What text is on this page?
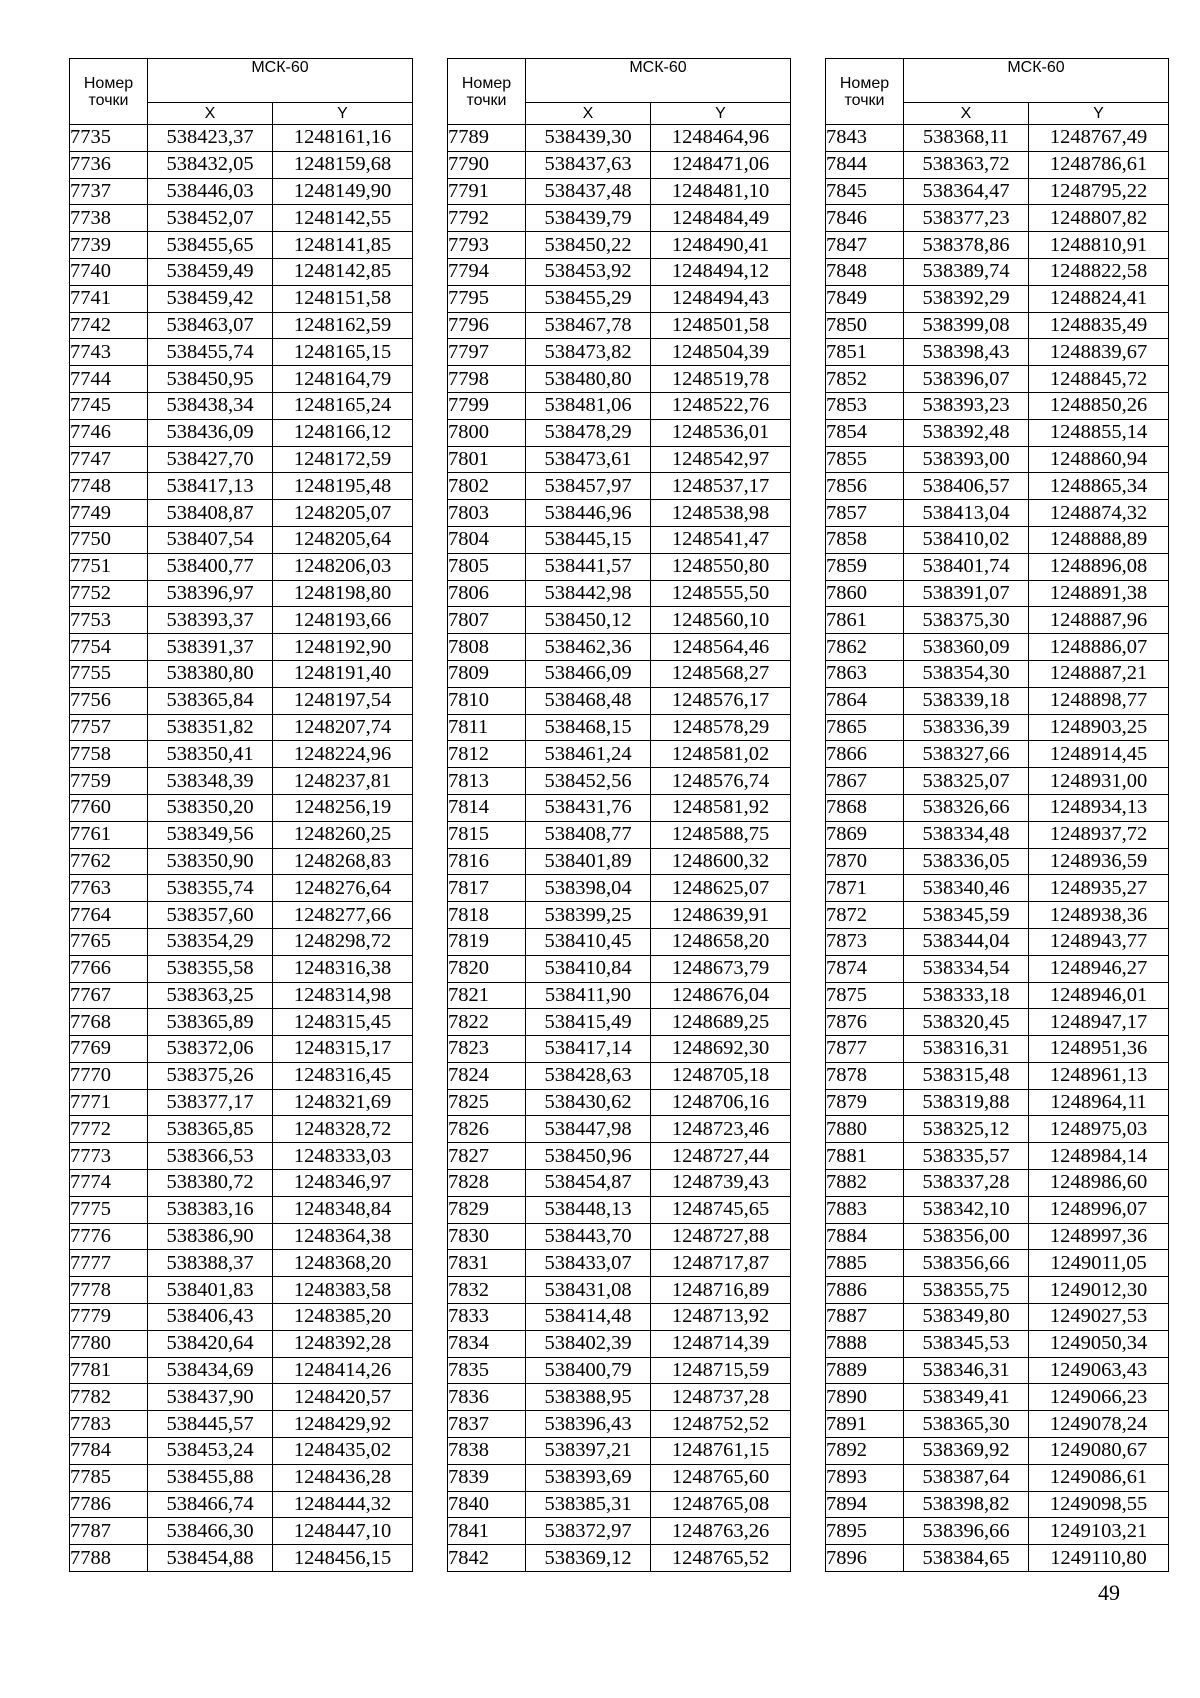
Номер точки	МСК-60	
	X	Y
7735	538423,37	1248161,16
7736	538432,05	1248159,68
7737	538446,03	1248149,90
7738	538452,07	1248142,55
7739	538455,65	1248141,85
7740	538459,49	1248142,85
7741	538459,42	1248151,58
7742	538463,07	1248162,59
7743	538455,74	1248165,15
7744	538450,95	1248164,79
7745	538438,34	1248165,24
7746	538436,09	1248166,12
7747	538427,70	1248172,59
7748	538417,13	1248195,48
7749	538408,87	1248205,07
7750	538407,54	1248205,64
7751	538400,77	1248206,03
7752	538396,97	1248198,80
7753	538393,37	1248193,66
7754	538391,37	1248192,90
7755	538380,80	1248191,40
7756	538365,84	1248197,54
7757	538351,82	1248207,74
7758	538350,41	1248224,96
7759	538348,39	1248237,81
7760	538350,20	1248256,19
7761	538349,56	1248260,25
7762	538350,90	1248268,83
7763	538355,74	1248276,64
7764	538357,60	1248277,66
7765	538354,29	1248298,72
7766	538355,58	1248316,38
7767	538363,25	1248314,98
7768	538365,89	1248315,45
7769	538372,06	1248315,17
7770	538375,26	1248316,45
7771	538377,17	1248321,69
7772	538365,85	1248328,72
7773	538366,53	1248333,03
7774	538380,72	1248346,97
7775	538383,16	1248348,84
7776	538386,90	1248364,38
7777	538388,37	1248368,20
7778	538401,83	1248383,58
7779	538406,43	1248385,20
7780	538420,64	1248392,28
7781	538434,69	1248414,26
7782	538437,90	1248420,57
7783	538445,57	1248429,92
7784	538453,24	1248435,02
7785	538455,88	1248436,28
7786	538466,74	1248444,32
7787	538466,30	1248447,10
7788	538454,88	1248456,15
Номер точки	МСК-60	
	X	Y
7789	538439,30	1248464,96
7790	538437,63	1248471,06
7791	538437,48	1248481,10
7792	538439,79	1248484,49
7793	538450,22	1248490,41
7794	538453,92	1248494,12
7795	538455,29	1248494,43
7796	538467,78	1248501,58
7797	538473,82	1248504,39
7798	538480,80	1248519,78
7799	538481,06	1248522,76
7800	538478,29	1248536,01
7801	538473,61	1248542,97
7802	538457,97	1248537,17
7803	538446,96	1248538,98
7804	538445,15	1248541,47
7805	538441,57	1248550,80
7806	538442,98	1248555,50
7807	538450,12	1248560,10
7808	538462,36	1248564,46
7809	538466,09	1248568,27
7810	538468,48	1248576,17
7811	538468,15	1248578,29
7812	538461,24	1248581,02
7813	538452,56	1248576,74
7814	538431,76	1248581,92
7815	538408,77	1248588,75
7816	538401,89	1248600,32
7817	538398,04	1248625,07
7818	538399,25	1248639,91
7819	538410,45	1248658,20
7820	538410,84	1248673,79
7821	538411,90	1248676,04
7822	538415,49	1248689,25
7823	538417,14	1248692,30
7824	538428,63	1248705,18
7825	538430,62	1248706,16
7826	538447,98	1248723,46
7827	538450,96	1248727,44
7828	538454,87	1248739,43
7829	538448,13	1248745,65
7830	538443,70	1248727,88
7831	538433,07	1248717,87
7832	538431,08	1248716,89
7833	538414,48	1248713,92
7834	538402,39	1248714,39
7835	538400,79	1248715,59
7836	538388,95	1248737,28
7837	538396,43	1248752,52
7838	538397,21	1248761,15
7839	538393,69	1248765,60
7840	538385,31	1248765,08
7841	538372,97	1248763,26
7842	538369,12	1248765,52
Номер точки	МСК-60	
	X	Y
7843	538368,11	1248767,49
7844	538363,72	1248786,61
7845	538364,47	1248795,22
7846	538377,23	1248807,82
7847	538378,86	1248810,91
7848	538389,74	1248822,58
7849	538392,29	1248824,41
7850	538399,08	1248835,49
7851	538398,43	1248839,67
7852	538396,07	1248845,72
7853	538393,23	1248850,26
7854	538392,48	1248855,14
7855	538393,00	1248860,94
7856	538406,57	1248865,34
7857	538413,04	1248874,32
7858	538410,02	1248888,89
7859	538401,74	1248896,08
7860	538391,07	1248891,38
7861	538375,30	1248887,96
7862	538360,09	1248886,07
7863	538354,30	1248887,21
7864	538339,18	1248898,77
7865	538336,39	1248903,25
7866	538327,66	1248914,45
7867	538325,07	1248931,00
7868	538326,66	1248934,13
7869	538334,48	1248937,72
7870	538336,05	1248936,59
7871	538340,46	1248935,27
7872	538345,59	1248938,36
7873	538344,04	1248943,77
7874	538334,54	1248946,27
7875	538333,18	1248946,01
7876	538320,45	1248947,17
7877	538316,31	1248951,36
7878	538315,48	1248961,13
7879	538319,88	1248964,11
7880	538325,12	1248975,03
7881	538335,57	1248984,14
7882	538337,28	1248986,60
7883	538342,10	1248996,07
7884	538356,00	1248997,36
7885	538356,66	1249011,05
7886	538355,75	1249012,30
7887	538349,80	1249027,53
7888	538345,53	1249050,34
7889	538346,31	1249063,43
7890	538349,41	1249066,23
7891	538365,30	1249078,24
7892	538369,92	1249080,67
7893	538387,64	1249086,61
7894	538398,82	1249098,55
7895	538396,66	1249103,21
7896	538384,65	1249110,80
49
